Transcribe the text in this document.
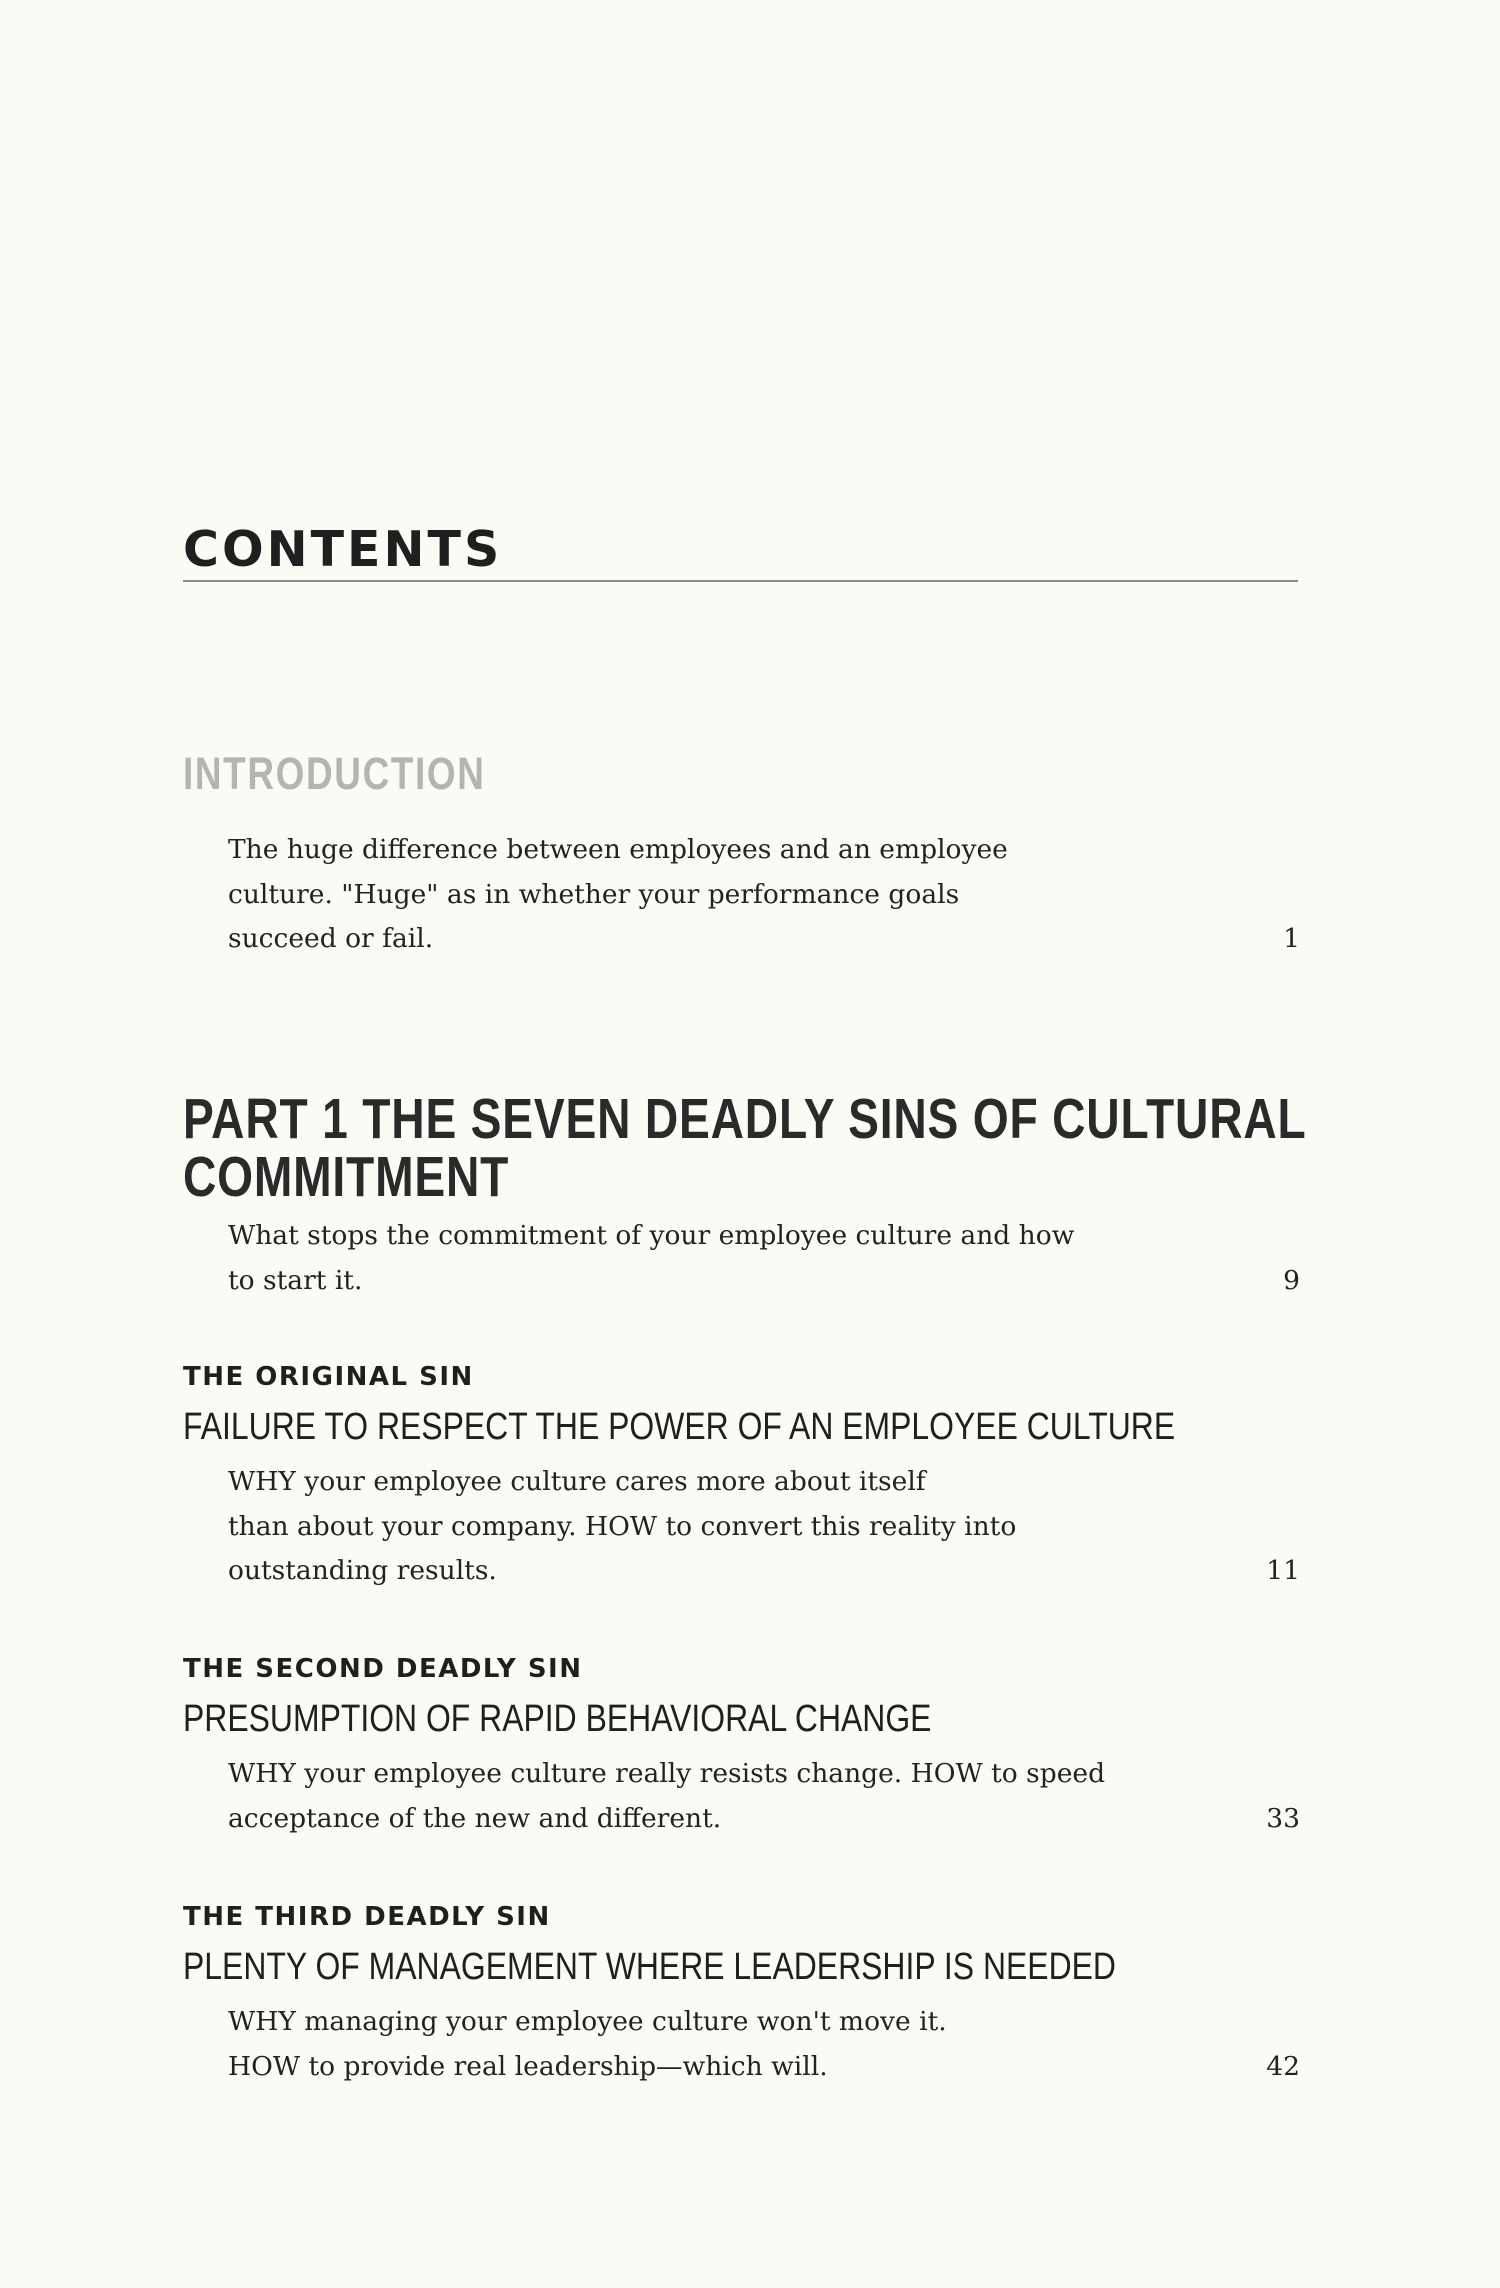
CONTENTS
INTRODUCTION
The huge difference between employees and an employee
culture. "Huge" as in whether your performance goals
succeed or fail.	1
PART 1 THE SEVEN DEADLY SINS OF CULTURAL
COMMITMENT
What stops the commitment of your employee culture and how
to start it.	9
THE ORIGINAL SIN
FAILURE TO RESPECT THE POWER OF AN EMPLOYEE CULTURE
WHY your employee culture cares more about itself
than about your company. HOW to convert this reality into
outstanding results.	11
THE SECOND DEADLY SIN
PRESUMPTION OF RAPID BEHAVIORAL CHANGE
WHY your employee culture really resists change. HOW to speed
acceptance of the new and different.	33
THE THIRD DEADLY SIN
PLENTY OF MANAGEMENT WHERE LEADERSHIP IS NEEDED
WHY managing your employee culture won't move it.
HOW to provide real leadership—which will.	42
